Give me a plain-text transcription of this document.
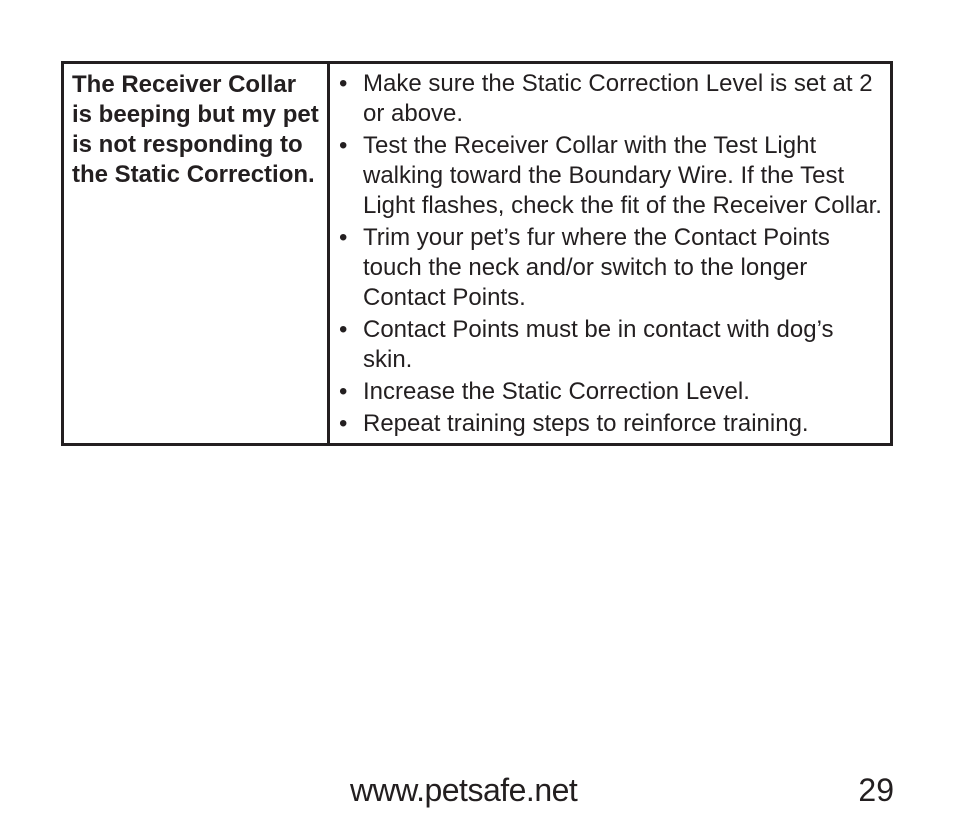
The Receiver Collar is beeping but my pet is not responding to the Static Correction.
• Make sure the Static Correction Level is set at 2 or above.
• Test the Receiver Collar with the Test Light walking toward the Boundary Wire. If the Test Light flashes, check the fit of the Receiver Collar.
• Trim your pet’s fur where the Contact Points touch the neck and/or switch to the longer Contact Points.
• Contact Points must be in contact with dog’s skin.
• Increase the Static Correction Level.
• Repeat training steps to reinforce training.
www.petsafe.net	29
